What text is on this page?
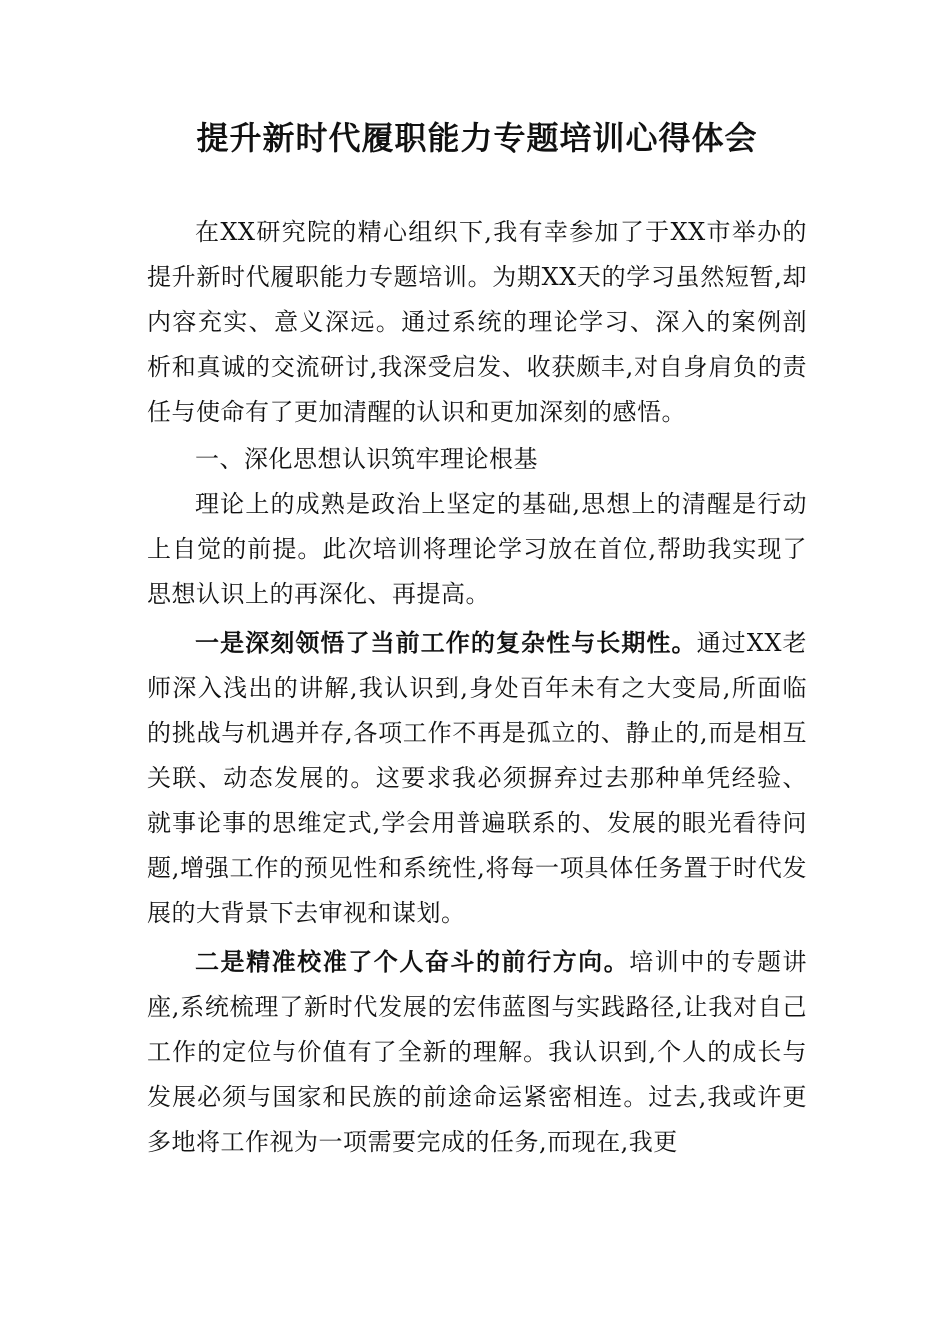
提升新时代履职能力专题培训心得体会

在XX研究院的精心组织下,我有幸参加了于XX市举办的提升新时代履职能力专题培训。为期XX天的学习虽然短暂,却内容充实、意义深远。通过系统的理论学习、深入的案例剖析和真诚的交流研讨,我深受启发、收获颇丰,对自身肩负的责任与使命有了更加清醒的认识和更加深刻的感悟。

一、深化思想认识筑牢理论根基

理论上的成熟是政治上坚定的基础,思想上的清醒是行动上自觉的前提。此次培训将理论学习放在首位,帮助我实现了思想认识上的再深化、再提高。

一是深刻领悟了当前工作的复杂性与长期性。通过XX老师深入浅出的讲解,我认识到,身处百年未有之大变局,所面临的挑战与机遇并存,各项工作不再是孤立的、静止的,而是相互关联、动态发展的。这要求我必须摒弃过去那种单凭经验、就事论事的思维定式,学会用普遍联系的、发展的眼光看待问题,增强工作的预见性和系统性,将每一项具体任务置于时代发展的大背景下去审视和谋划。

二是精准校准了个人奋斗的前行方向。培训中的专题讲座,系统梳理了新时代发展的宏伟蓝图与实践路径,让我对自己工作的定位与价值有了全新的理解。我认识到,个人的成长与发展必须与国家和民族的前途命运紧密相连。过去,我或许更多地将工作视为一项需要完成的任务,而现在,我更
